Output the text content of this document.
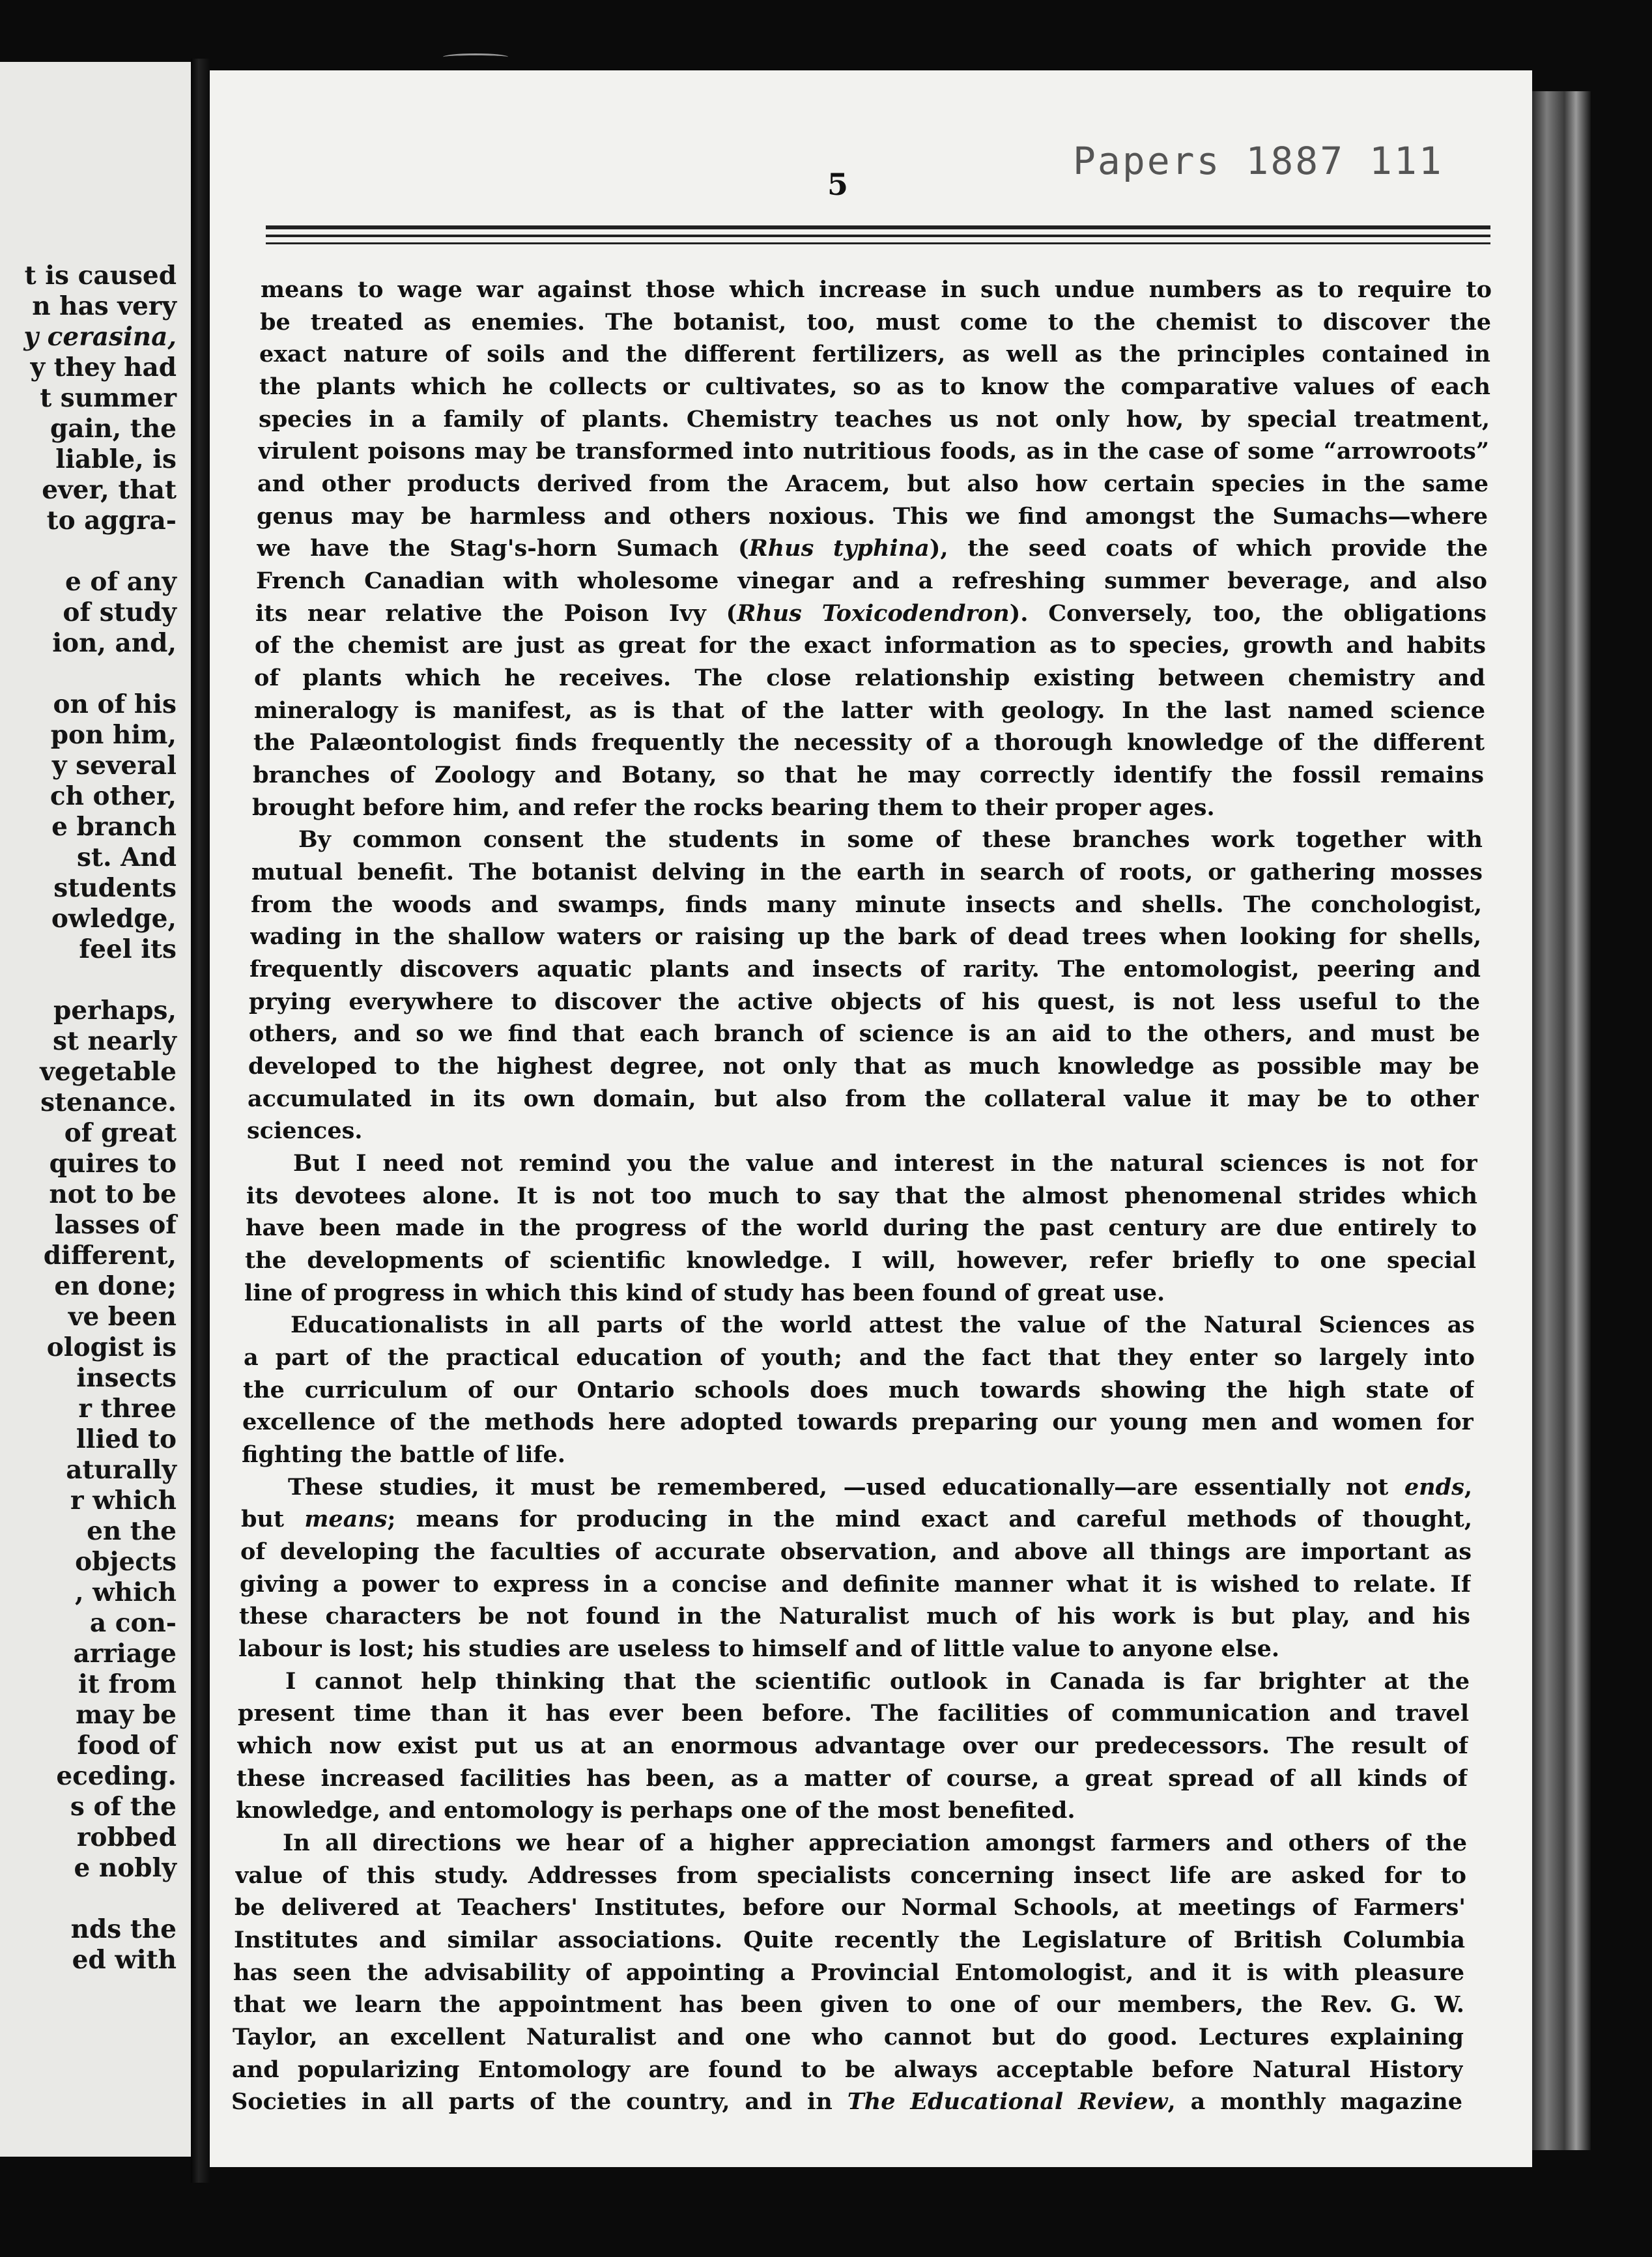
t is caused
n has very
y cerasina,
y they had
t summer
gain, the
liable, is
ever, that
to aggra-
e of any
of study
ion, and,
on of his
pon him,
y several
ch other,
e branch
st. And
students
owledge,
feel its
perhaps,
st nearly
vegetable
stenance.
of great
quires to
not to be
lasses of
different,
en done;
ve been
ologist is
insects
r three
llied to
aturally
r which
en the
objects
, which
a con-
arriage
it from
may be
food of
eceding.
s of the
robbed
e nobly
nds the
ed with
Papers 1887 111
5
means to wage war against those which increase in such undue numbers as to require to
be treated as enemies. The botanist, too, must come to the chemist to discover the
exact nature of soils and the different fertilizers, as well as the principles contained in
the plants which he collects or cultivates, so as to know the comparative values of each
species in a family of plants. Chemistry teaches us not only how, by special treatment,
virulent poisons may be transformed into nutritious foods, as in the case of some “arrowroots”
and other products derived from the Aracem, but also how certain species in the same
genus may be harmless and others noxious. This we find amongst the Sumachs—where
we have the Stag's-horn Sumach (Rhus typhina), the seed coats of which provide the
French Canadian with wholesome vinegar and a refreshing summer beverage, and also
its near relative the Poison Ivy (Rhus Toxicodendron). Conversely, too, the obligations
of the chemist are just as great for the exact information as to species, growth and habits
of plants which he receives. The close relationship existing between chemistry and
mineralogy is manifest, as is that of the latter with geology. In the last named science
the Palæontologist finds frequently the necessity of a thorough knowledge of the different
branches of Zoology and Botany, so that he may correctly identify the fossil remains
brought before him, and refer the rocks bearing them to their proper ages.
By common consent the students in some of these branches work together with
mutual benefit. The botanist delving in the earth in search of roots, or gathering mosses
from the woods and swamps, finds many minute insects and shells. The conchologist,
wading in the shallow waters or raising up the bark of dead trees when looking for shells,
frequently discovers aquatic plants and insects of rarity. The entomologist, peering and
prying everywhere to discover the active objects of his quest, is not less useful to the
others, and so we find that each branch of science is an aid to the others, and must be
developed to the highest degree, not only that as much knowledge as possible may be
accumulated in its own domain, but also from the collateral value it may be to other
sciences.
But I need not remind you the value and interest in the natural sciences is not for
its devotees alone. It is not too much to say that the almost phenomenal strides which
have been made in the progress of the world during the past century are due entirely to
the developments of scientific knowledge. I will, however, refer briefly to one special
line of progress in which this kind of study has been found of great use.
Educationalists in all parts of the world attest the value of the Natural Sciences as
a part of the practical education of youth; and the fact that they enter so largely into
the curriculum of our Ontario schools does much towards showing the high state of
excellence of the methods here adopted towards preparing our young men and women for
fighting the battle of life.
These studies, it must be remembered, —used educationally—are essentially not ends,
but means; means for producing in the mind exact and careful methods of thought,
of developing the faculties of accurate observation, and above all things are important as
giving a power to express in a concise and definite manner what it is wished to relate. If
these characters be not found in the Naturalist much of his work is but play, and his
labour is lost; his studies are useless to himself and of little value to anyone else.
I cannot help thinking that the scientific outlook in Canada is far brighter at the
present time than it has ever been before. The facilities of communication and travel
which now exist put us at an enormous advantage over our predecessors. The result of
these increased facilities has been, as a matter of course, a great spread of all kinds of
knowledge, and entomology is perhaps one of the most benefited.
In all directions we hear of a higher appreciation amongst farmers and others of the
value of this study. Addresses from specialists concerning insect life are asked for to
be delivered at Teachers' Institutes, before our Normal Schools, at meetings of Farmers'
Institutes and similar associations. Quite recently the Legislature of British Columbia
has seen the advisability of appointing a Provincial Entomologist, and it is with pleasure
that we learn the appointment has been given to one of our members, the Rev. G. W.
Taylor, an excellent Naturalist and one who cannot but do good. Lectures explaining
and popularizing Entomology are found to be always acceptable before Natural History
Societies in all parts of the country, and in The Educational Review, a monthly magazine
